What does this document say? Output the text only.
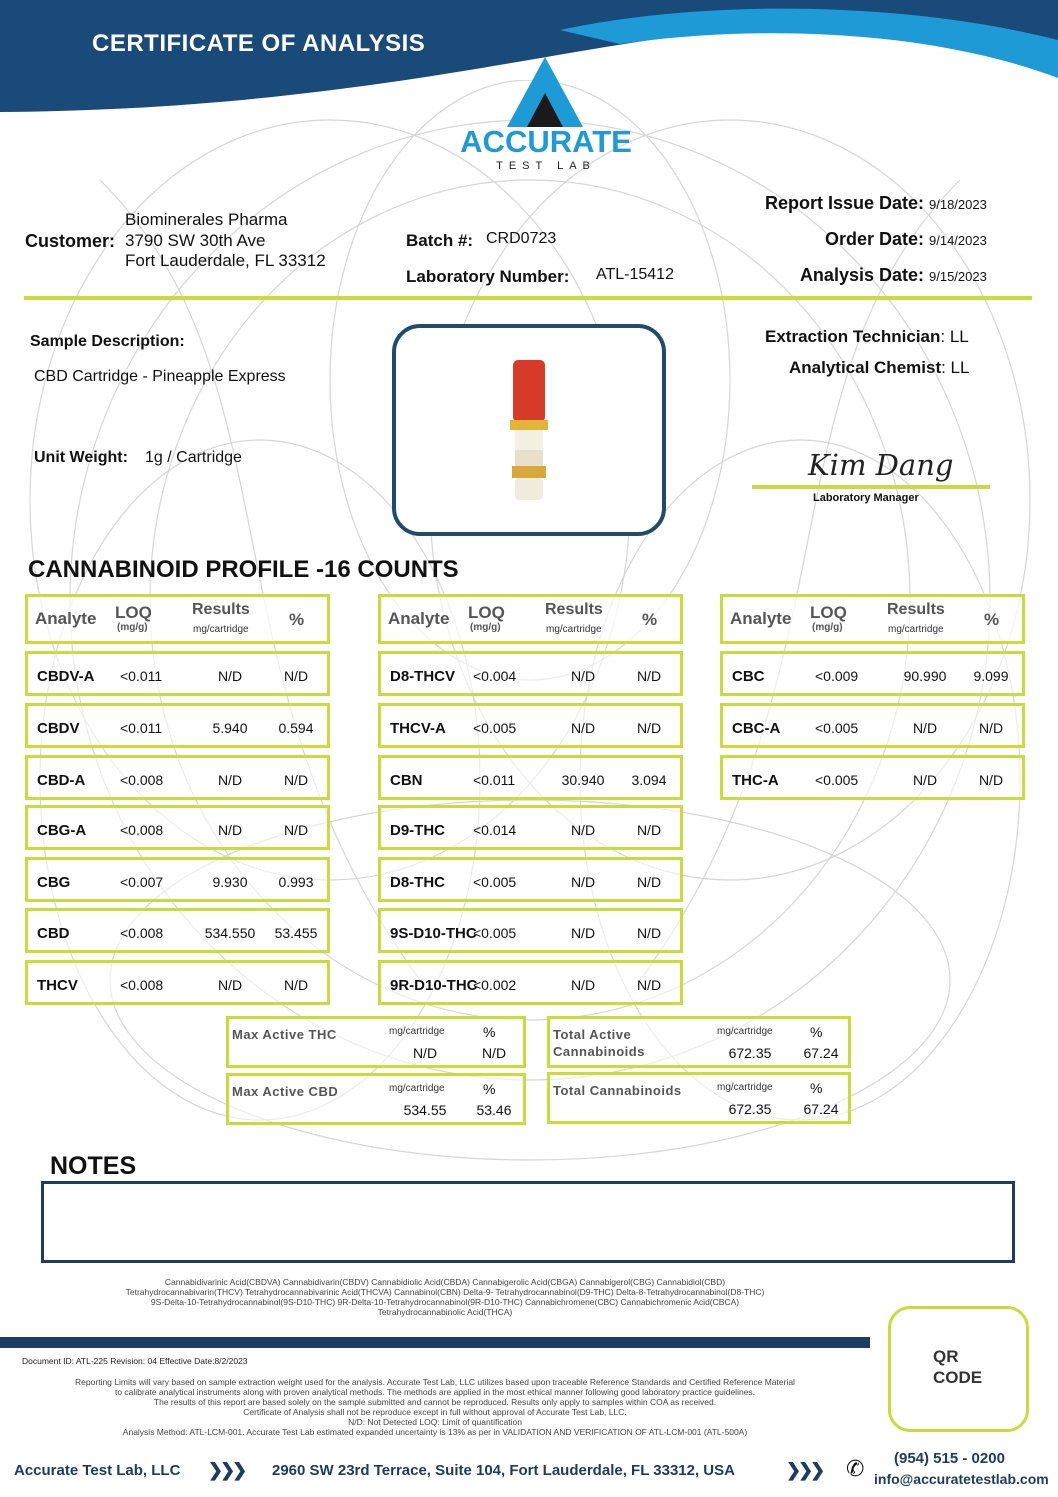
CERTIFICATE OF ANALYSIS
ACCURATE
TEST LAB
Customer:
Biominerales Pharma
3790 SW 30th Ave
Fort Lauderdale, FL 33312
Batch #: CRD0723
Laboratory Number: ATL-15412
Report Issue Date: 9/18/2023
Order Date: 9/14/2023
Analysis Date: 9/15/2023
Sample Description:
CBD Cartridge - Pineapple Express
Unit Weight: 1g / Cartridge
Extraction Technician: LL
Analytical Chemist: LL
Kim Dang
Laboratory Manager
CANNABINOID PROFILE -16 COUNTS
Analyte LOQ
(mg/g)
Results
mg/cartridge
%
CBDV-A <0.011	N/D	N/D
CBDV	<0.011	5.940	0.594
CBD-A <0.008	N/D	N/D
CBG-A <0.008	N/D	N/D
CBG	<0.007	9.930	0.993
CBD	<0.008	534.550	53.455
THCV	<0.008	N/D	N/D
Analyte LOQ
(mg/g)
Results
mg/cartridge
%
D8-THCV <0.004	N/D	N/D
THCV-A <0.005	N/D	N/D
CBN	<0.011	30.940	3.094
D9-THC <0.014	N/D	N/D
D8-THC <0.005	N/D	N/D
9S-D10-THC
<0.005	N/D	N/D
9R-D10-THC
<0.002	N/D	N/D
Analyte LOQ
(mg/g)
Results
mg/cartridge
%
CBC	<0.009	90.990	9.099
CBC-A <0.005	N/D	N/D
THC-A	<0.005	N/D	N/D
Max Active THC	mg/cartridge	%
N/D	N/D
Max Active CBD	mg/cartridge	%
534.55	53.46
Total Active Cannabinoids
mg/cartridge	%
672.35	67.24
Total Cannabinoids	mg/cartridge	%
672.35	67.24
NOTES
Cannabidivarinic Acid(CBDVA) Cannabidivarin(CBDV) Cannabidiolic Acid(CBDA) Cannabigerolic Acid(CBGA) Cannabigerol(CBG) Cannabidiol(CBD)
Tetrahydrocannabivarin(THCV) Tetrahydrocannabivarinic Acid(THCVA) Cannabinol(CBN) Delta-9- Tetrahydrocannabinol(D9-THC) Delta-8-Tetrahydrocannabinol(D8-THC)
9S-Delta-10-Tetrahydrocannabinol(9S-D10-THC) 9R-Delta-10-Tetrahydrocannabinol(9R-D10-THC) Cannabichromene(CBC) Cannabichromenic Acid(CBCA)
Tetrahydrocannabinolic Acid(THCA)
Document ID: ATL-225 Revision: 04 Effective Date:8/2/2023
Reporting Limits will vary based on sample extraction weight used for the analysis. Accurate Test Lab, LLC utilizes based upon traceable Reference Standards and Certified Reference Material
to calibrate analytical instruments along with proven analytical methods. The methods are applied in the most ethical manner following good laboratory practice guidelines.
The results of this report are based solely on the sample submitted and cannot be reproduced. Results only apply to samples within COA as received.
Certificate of Analysis shall not be reproduce except in full without approval of Accurate Test Lab, LLC.
N/D: Not Detected LOQ: Limit of quantification
Analysis Method: ATL-LCM-001. Accurate Test Lab estimated expanded uncertainty is 13% as per in VALIDATION AND VERIFICATION OF ATL-LCM-001 (ATL-500A)
QR
CODE
Accurate Test Lab, LLC ❯❯❯ 2960 SW 23rd Terrace, Suite 104, Fort Lauderdale, FL 33312, USA	❯❯❯ ✆ (954) 515 - 0200
info@accuratetestlab.com
